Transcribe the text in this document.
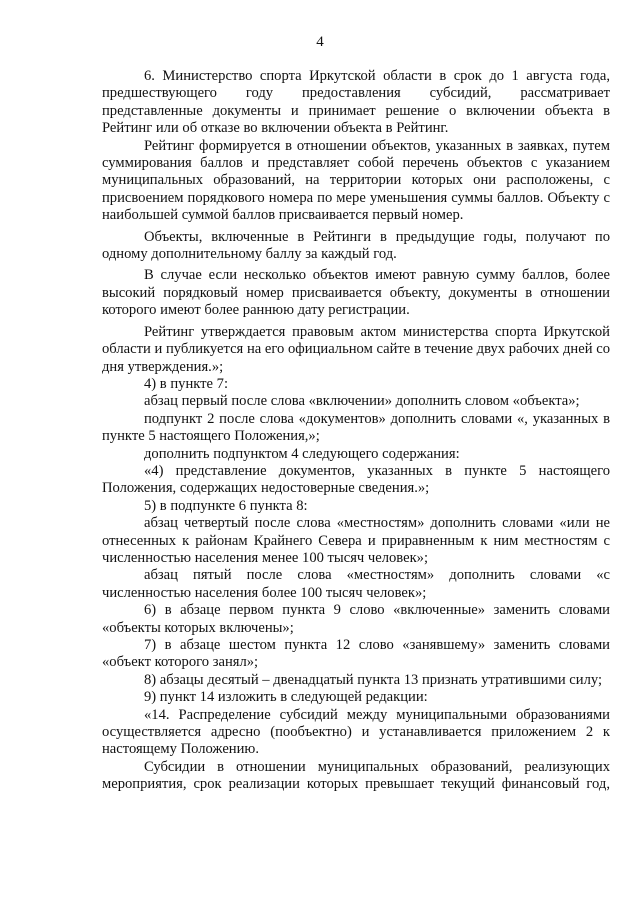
4

6. Министерство спорта Иркутской области в срок до 1 августа года, предшествующего году предоставления субсидий, рассматривает представленные документы и принимает решение о включении объекта в Рейтинг или об отказе во включении объекта в Рейтинг.

Рейтинг формируется в отношении объектов, указанных в заявках, путем суммирования баллов и представляет собой перечень объектов с указанием муниципальных образований, на территории которых они расположены, с присвоением порядкового номера по мере уменьшения суммы баллов. Объекту с наибольшей суммой баллов присваивается первый номер.

Объекты, включенные в Рейтинги в предыдущие годы, получают по одному дополнительному баллу за каждый год.

В случае если несколько объектов имеют равную сумму баллов, более высокий порядковый номер присваивается объекту, документы в отношении которого имеют более раннюю дату регистрации.

Рейтинг утверждается правовым актом министерства спорта Иркутской области и публикуется на его официальном сайте в течение двух рабочих дней со дня утверждения.»;

4) в пункте 7:

абзац первый после слова «включении» дополнить словом «объекта»;

подпункт 2 после слова «документов» дополнить словами «, указанных в пункте 5 настоящего Положения,»;

дополнить подпунктом 4 следующего содержания:

«4) представление документов, указанных в пункте 5 настоящего Положения, содержащих недостоверные сведения.»;

5) в подпункте 6 пункта 8:

абзац четвертый после слова «местностям» дополнить словами «или не отнесенных к районам Крайнего Севера и приравненным к ним местностям с численностью населения менее 100 тысяч человек»;

абзац пятый после слова «местностям» дополнить словами «с численностью населения более 100 тысяч человек»;

6) в абзаце первом пункта 9 слово «включенные» заменить словами «объекты которых включены»;

7) в абзаце шестом пункта 12 слово «занявшему» заменить словами «объект которого занял»;

8) абзацы десятый – двенадцатый пункта 13 признать утратившими силу;

9) пункт 14 изложить в следующей редакции:

«14. Распределение субсидий между муниципальными образованиями осуществляется адресно (пообъектно) и устанавливается приложением 2 к настоящему Положению.

Субсидии в отношении муниципальных образований, реализующих мероприятия, срок реализации которых превышает текущий финансовый год,
